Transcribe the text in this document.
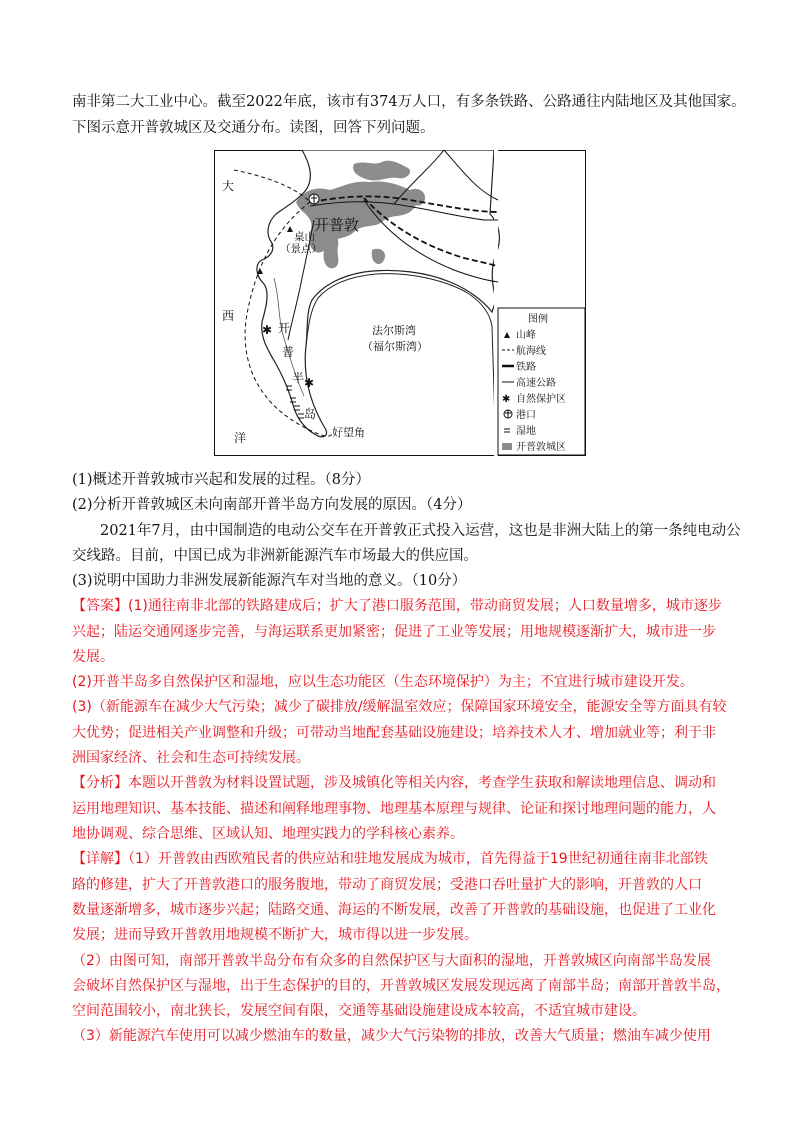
南非第二大工业中心。截至2022年底，该市有374万人口，有多条铁路、公路通往内陆地区及其他国家。
下图示意开普敦城区及交通分布。读图，回答下列问题。
✱
✱
开普敦
桌山
（景点）
法尔斯湾
（福尔斯湾）
大
西
洋
开
普
半
岛
好望角
图例
山峰
航海线
铁路
高速公路
✱ 自然保护区
港口
湿地
开普敦城区
(1)概述开普敦城市兴起和发展的过程。（8分）
(2)分析开普敦城区未向南部开普半岛方向发展的原因。（4分）
2021年7月，由中国制造的电动公交车在开普敦正式投入运营，这也是非洲大陆上的第一条纯电动公
交线路。目前，中国已成为非洲新能源汽车市场最大的供应国。
(3)说明中国助力非洲发展新能源汽车对当地的意义。（10分）
【答案】(1)通往南非北部的铁路建成后；扩大了港口服务范围，带动商贸发展；人口数量增多，城市逐步
兴起；陆运交通网逐步完善，与海运联系更加紧密；促进了工业等发展；用地规模逐渐扩大，城市进一步
发展。
(2)开普半岛多自然保护区和湿地，应以生态功能区（生态环境保护）为主；不宜进行城市建设开发。
(3)（新能源车在减少大气污染；减少了碳排放/缓解温室效应；保障国家环境安全，能源安全等方面具有较
大优势；促进相关产业调整和升级；可带动当地配套基础设施建设；培养技术人才、增加就业等；利于非
洲国家经济、社会和生态可持续发展。
【分析】本题以开普敦为材料设置试题，涉及城镇化等相关内容，考查学生获取和解读地理信息、调动和
运用地理知识、基本技能、描述和阐释地理事物、地理基本原理与规律、论证和探讨地理问题的能力，人
地协调观、综合思维、区域认知、地理实践力的学科核心素养。
【详解】（1）开普敦由西欧殖民者的供应站和驻地发展成为城市，首先得益于19世纪初通往南非北部铁
路的修建，扩大了开普敦港口的服务腹地，带动了商贸发展；受港口吞吐量扩大的影响，开普敦的人口
数量逐渐增多，城市逐步兴起；陆路交通、海运的不断发展，改善了开普敦的基础设施，也促进了工业化
发展；进而导致开普敦用地规模不断扩大，城市得以进一步发展。
（2）由图可知，南部开普敦半岛分布有众多的自然保护区与大面积的湿地，开普敦城区向南部半岛发展
会破坏自然保护区与湿地，出于生态保护的目的，开普敦城区发展发现远离了南部半岛；南部开普敦半岛，
空间范围较小，南北狭长，发展空间有限，交通等基础设施建设成本较高，不适宜城市建设。
（3）新能源汽车使用可以减少燃油车的数量，减少大气污染物的排放，改善大气质量；燃油车减少使用
